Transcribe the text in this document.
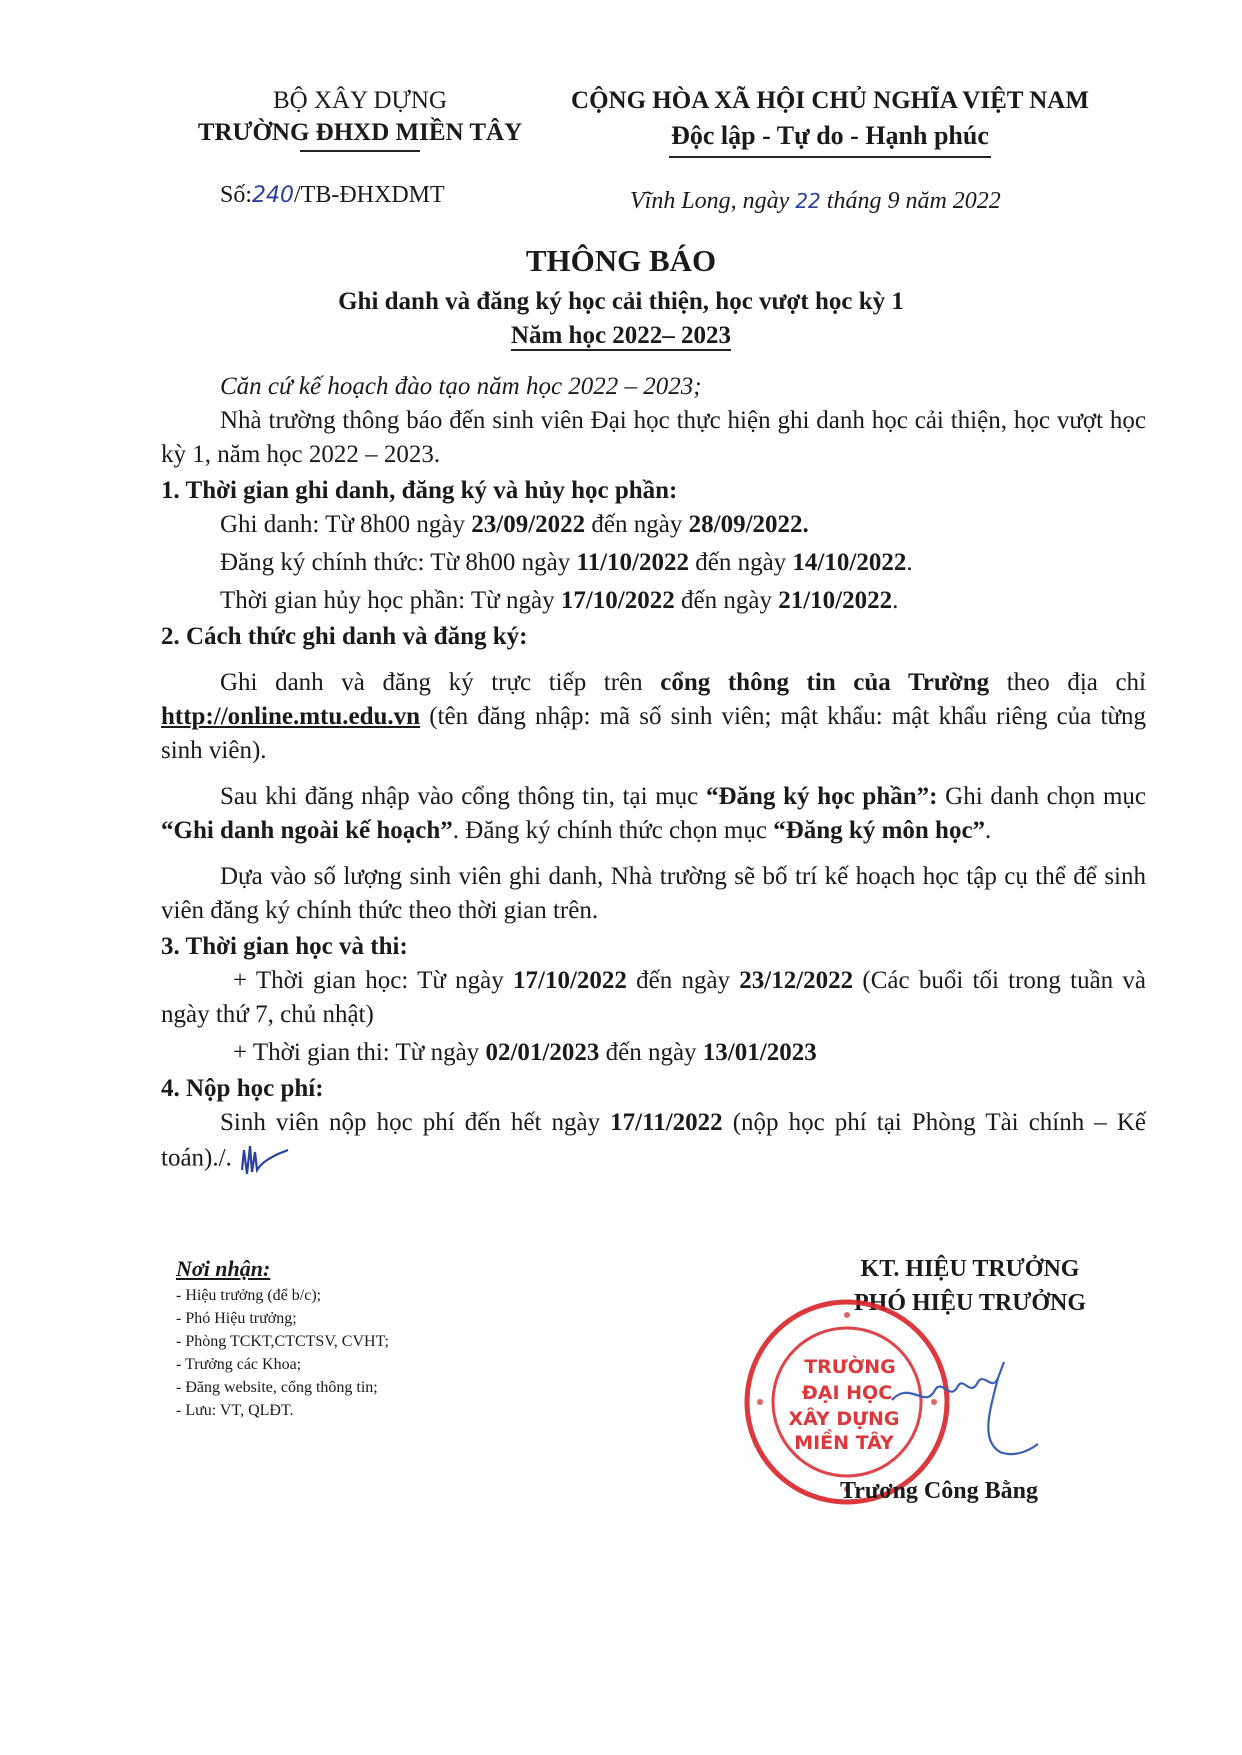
BỘ XÂY DỰNG
TRƯỜNG ĐHXD MIỀN TÂY
CỘNG HÒA XÃ HỘI CHỦ NGHĨA VIỆT NAM
Độc lập - Tự do - Hạnh phúc
Số:240/TB-ĐHXDMT	Vĩnh Long, ngày 22 tháng 9 năm 2022
THÔNG BÁO
Ghi danh và đăng ký học cải thiện, học vượt học kỳ 1
Năm học 2022– 2023

Căn cứ kế hoạch đào tạo năm học 2022 – 2023;

Nhà trường thông báo đến sinh viên Đại học thực hiện ghi danh học cải thiện, học vượt học kỳ 1, năm học 2022 – 2023.

1. Thời gian ghi danh, đăng ký và hủy học phần:

Ghi danh: Từ 8h00 ngày 23/09/2022 đến ngày 28/09/2022.

Đăng ký chính thức: Từ 8h00 ngày 11/10/2022 đến ngày 14/10/2022.

Thời gian hủy học phần: Từ ngày 17/10/2022 đến ngày 21/10/2022.

2. Cách thức ghi danh và đăng ký:

Ghi danh và đăng ký trực tiếp trên cổng thông tin của Trường theo địa chỉ http://online.mtu.edu.vn (tên đăng nhập: mã số sinh viên; mật khẩu: mật khẩu riêng của từng sinh viên).

Sau khi đăng nhập vào cổng thông tin, tại mục “Đăng ký học phần”: Ghi danh chọn mục “Ghi danh ngoài kế hoạch”. Đăng ký chính thức chọn mục “Đăng ký môn học”.

Dựa vào số lượng sinh viên ghi danh, Nhà trường sẽ bố trí kế hoạch học tập cụ thể để sinh viên đăng ký chính thức theo thời gian trên.

3. Thời gian học và thi:

+ Thời gian học: Từ ngày 17/10/2022 đến ngày 23/12/2022 (Các buổi tối trong tuần và ngày thứ 7, chủ nhật)

+ Thời gian thi: Từ ngày 02/01/2023 đến ngày 13/01/2023

4. Nộp học phí:

Sinh viên nộp học phí đến hết ngày 17/11/2022 (nộp học phí tại Phòng Tài chính – Kế toán)./.

Nơi nhận:
- Hiệu trưởng (để b/c);
- Phó Hiệu trưởng;
- Phòng TCKT,CTCTSV, CVHT;
- Trưởng các Khoa;
- Đăng website, cổng thông tin;
- Lưu: VT, QLĐT.
KT. HIỆU TRƯỞNG
PHÓ HIỆU TRƯỞNG
TRƯỜNG
ĐẠI HỌC
XÂY DỰNG
MIỀN TÂY
Trương Công Bằng
